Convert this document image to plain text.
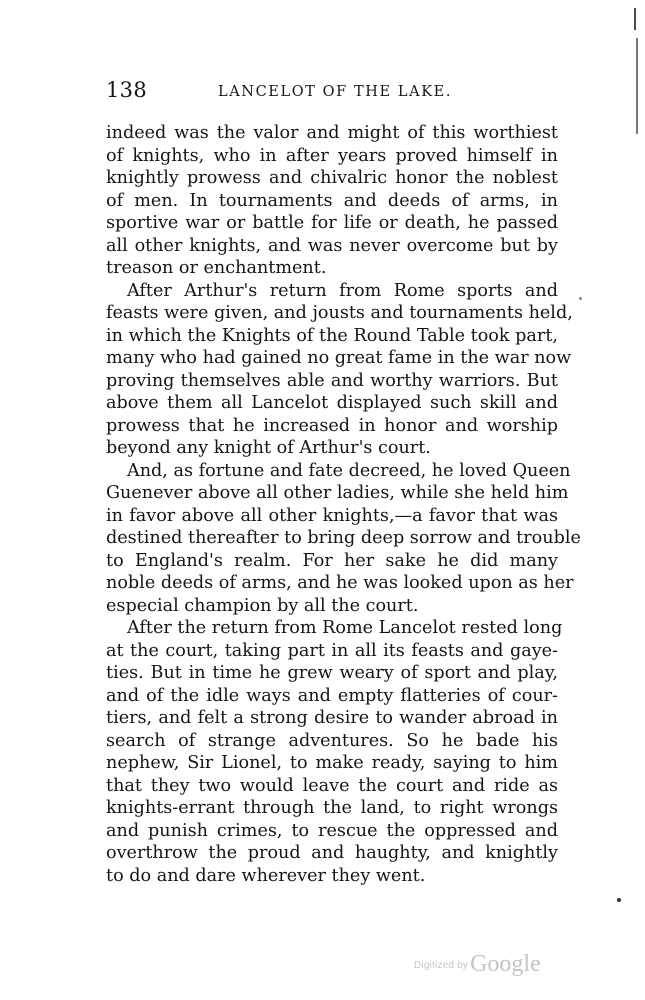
138	LANCELOT OF THE LAKE.
indeed was the valor and might of this worthiest
of knights, who in after years proved himself in
knightly prowess and chivalric honor the noblest
of men. In tournaments and deeds of arms, in
sportive war or battle for life or death, he passed
all other knights, and was never overcome but by
treason or enchantment.
After Arthur's return from Rome sports and
feasts were given, and jousts and tournaments held,
in which the Knights of the Round Table took part,
many who had gained no great fame in the war now
proving themselves able and worthy warriors. But
above them all Lancelot displayed such skill and
prowess that he increased in honor and worship
beyond any knight of Arthur's court.
And, as fortune and fate decreed, he loved Queen
Guenever above all other ladies, while she held him
in favor above all other knights,—a favor that was
destined thereafter to bring deep sorrow and trouble
to England's realm. For her sake he did many
noble deeds of arms, and he was looked upon as her
especial champion by all the court.
After the return from Rome Lancelot rested long
at the court, taking part in all its feasts and gaye-
ties. But in time he grew weary of sport and play,
and of the idle ways and empty flatteries of cour-
tiers, and felt a strong desire to wander abroad in
search of strange adventures. So he bade his
nephew, Sir Lionel, to make ready, saying to him
that they two would leave the court and ride as
knights-errant through the land, to right wrongs
and punish crimes, to rescue the oppressed and
overthrow the proud and haughty, and knightly
to do and dare wherever they went.
Digitized byGoogle
